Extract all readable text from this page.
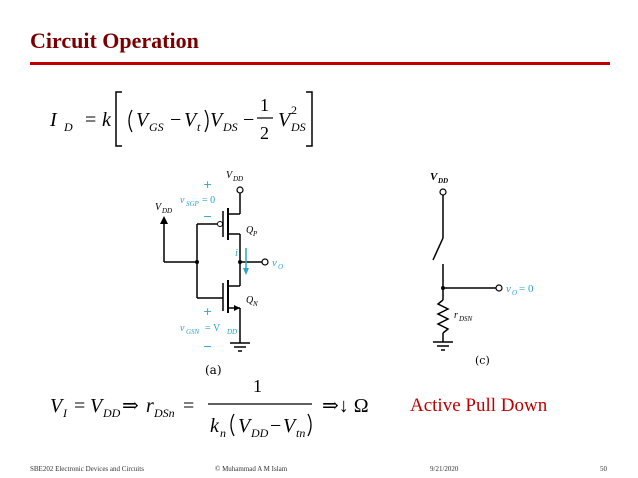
Circuit Operation
I D = k V GS − V t V DS −
1
2
V 2
DS
V DD
Q P
+
v SGP = 0
−
V DD
v O
i
Q N
+
v GSN = V DD
−
(a)
V DD
v O = 0
r DSN
(c)
V I = V DD ⇒ r DSn =
1
k n V DD − V tn
⇒↓ Ω Active Pull Down
SBE202 Electronic Devices and Circuits	© Muhammad A M Islam	9/21/2020	50
